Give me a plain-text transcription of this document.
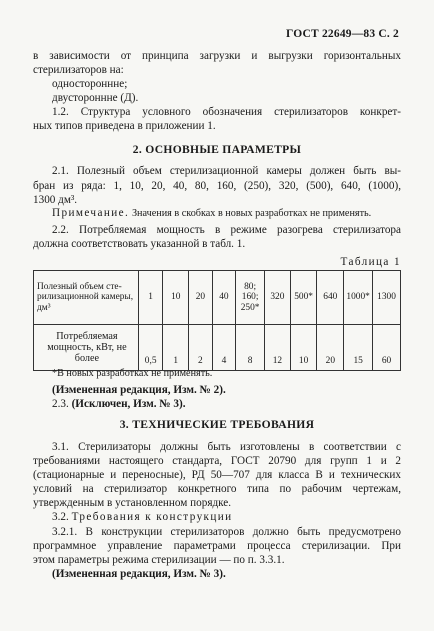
ГОСТ 22649—83 С. 2
в зависимости от принципа загрузки и выгрузки горизонтальных
стерилизаторов на:
одностороннне;
двустороннне (Д).
1.2. Структура условного обозначения стерилизаторов конкрет-
ных типов приведена в приложении 1.
2. ОСНОВНЫЕ ПАРАМЕТРЫ
2.1. Полезный объем стерилизационной камеры должен быть вы-
бран из ряда: 1, 10, 20, 40, 80, 160, (250), 320, (500), 640, (1000),
1300 дм³.
Примечание. Значения в скобках в новых разработках не применять.
2.2. Потребляемая мощность в режиме разогрева стерилизатора
должна соответствовать указанной в табл. 1.
Таблица 1
Полезный объем сте-рилизационной камеры, дм³	1	10	20	40	80; 160; 250*	320	500*	640	1000*	1300
Потребляемая мощность, кВт, не более	0,5	1	2	4	8	12	10	20	15	60
*В новых разработках не применять.
(Измененная редакция, Изм. № 2).
2.3. (Исключен, Изм. № 3).
3. ТЕХНИЧЕСКИЕ ТРЕБОВАНИЯ
3.1. Стерилизаторы должны быть изготовлены в соответствии с
требованиями настоящего стандарта, ГОСТ 20790 для групп 1 и 2
(стационарные и переносные), РД 50—707 для класса В и технических
условий на стерилизатор конкретного типа по рабочим чертежам,
утвержденным в установленном порядке.
3.2. Требования к конструкции
3.2.1. В конструкции стерилизаторов должно быть предусмотрено
программное управление параметрами процесса стерилизации. При
этом параметры режима стерилизации — по п. 3.3.1.
(Измененная редакция, Изм. № 3).
